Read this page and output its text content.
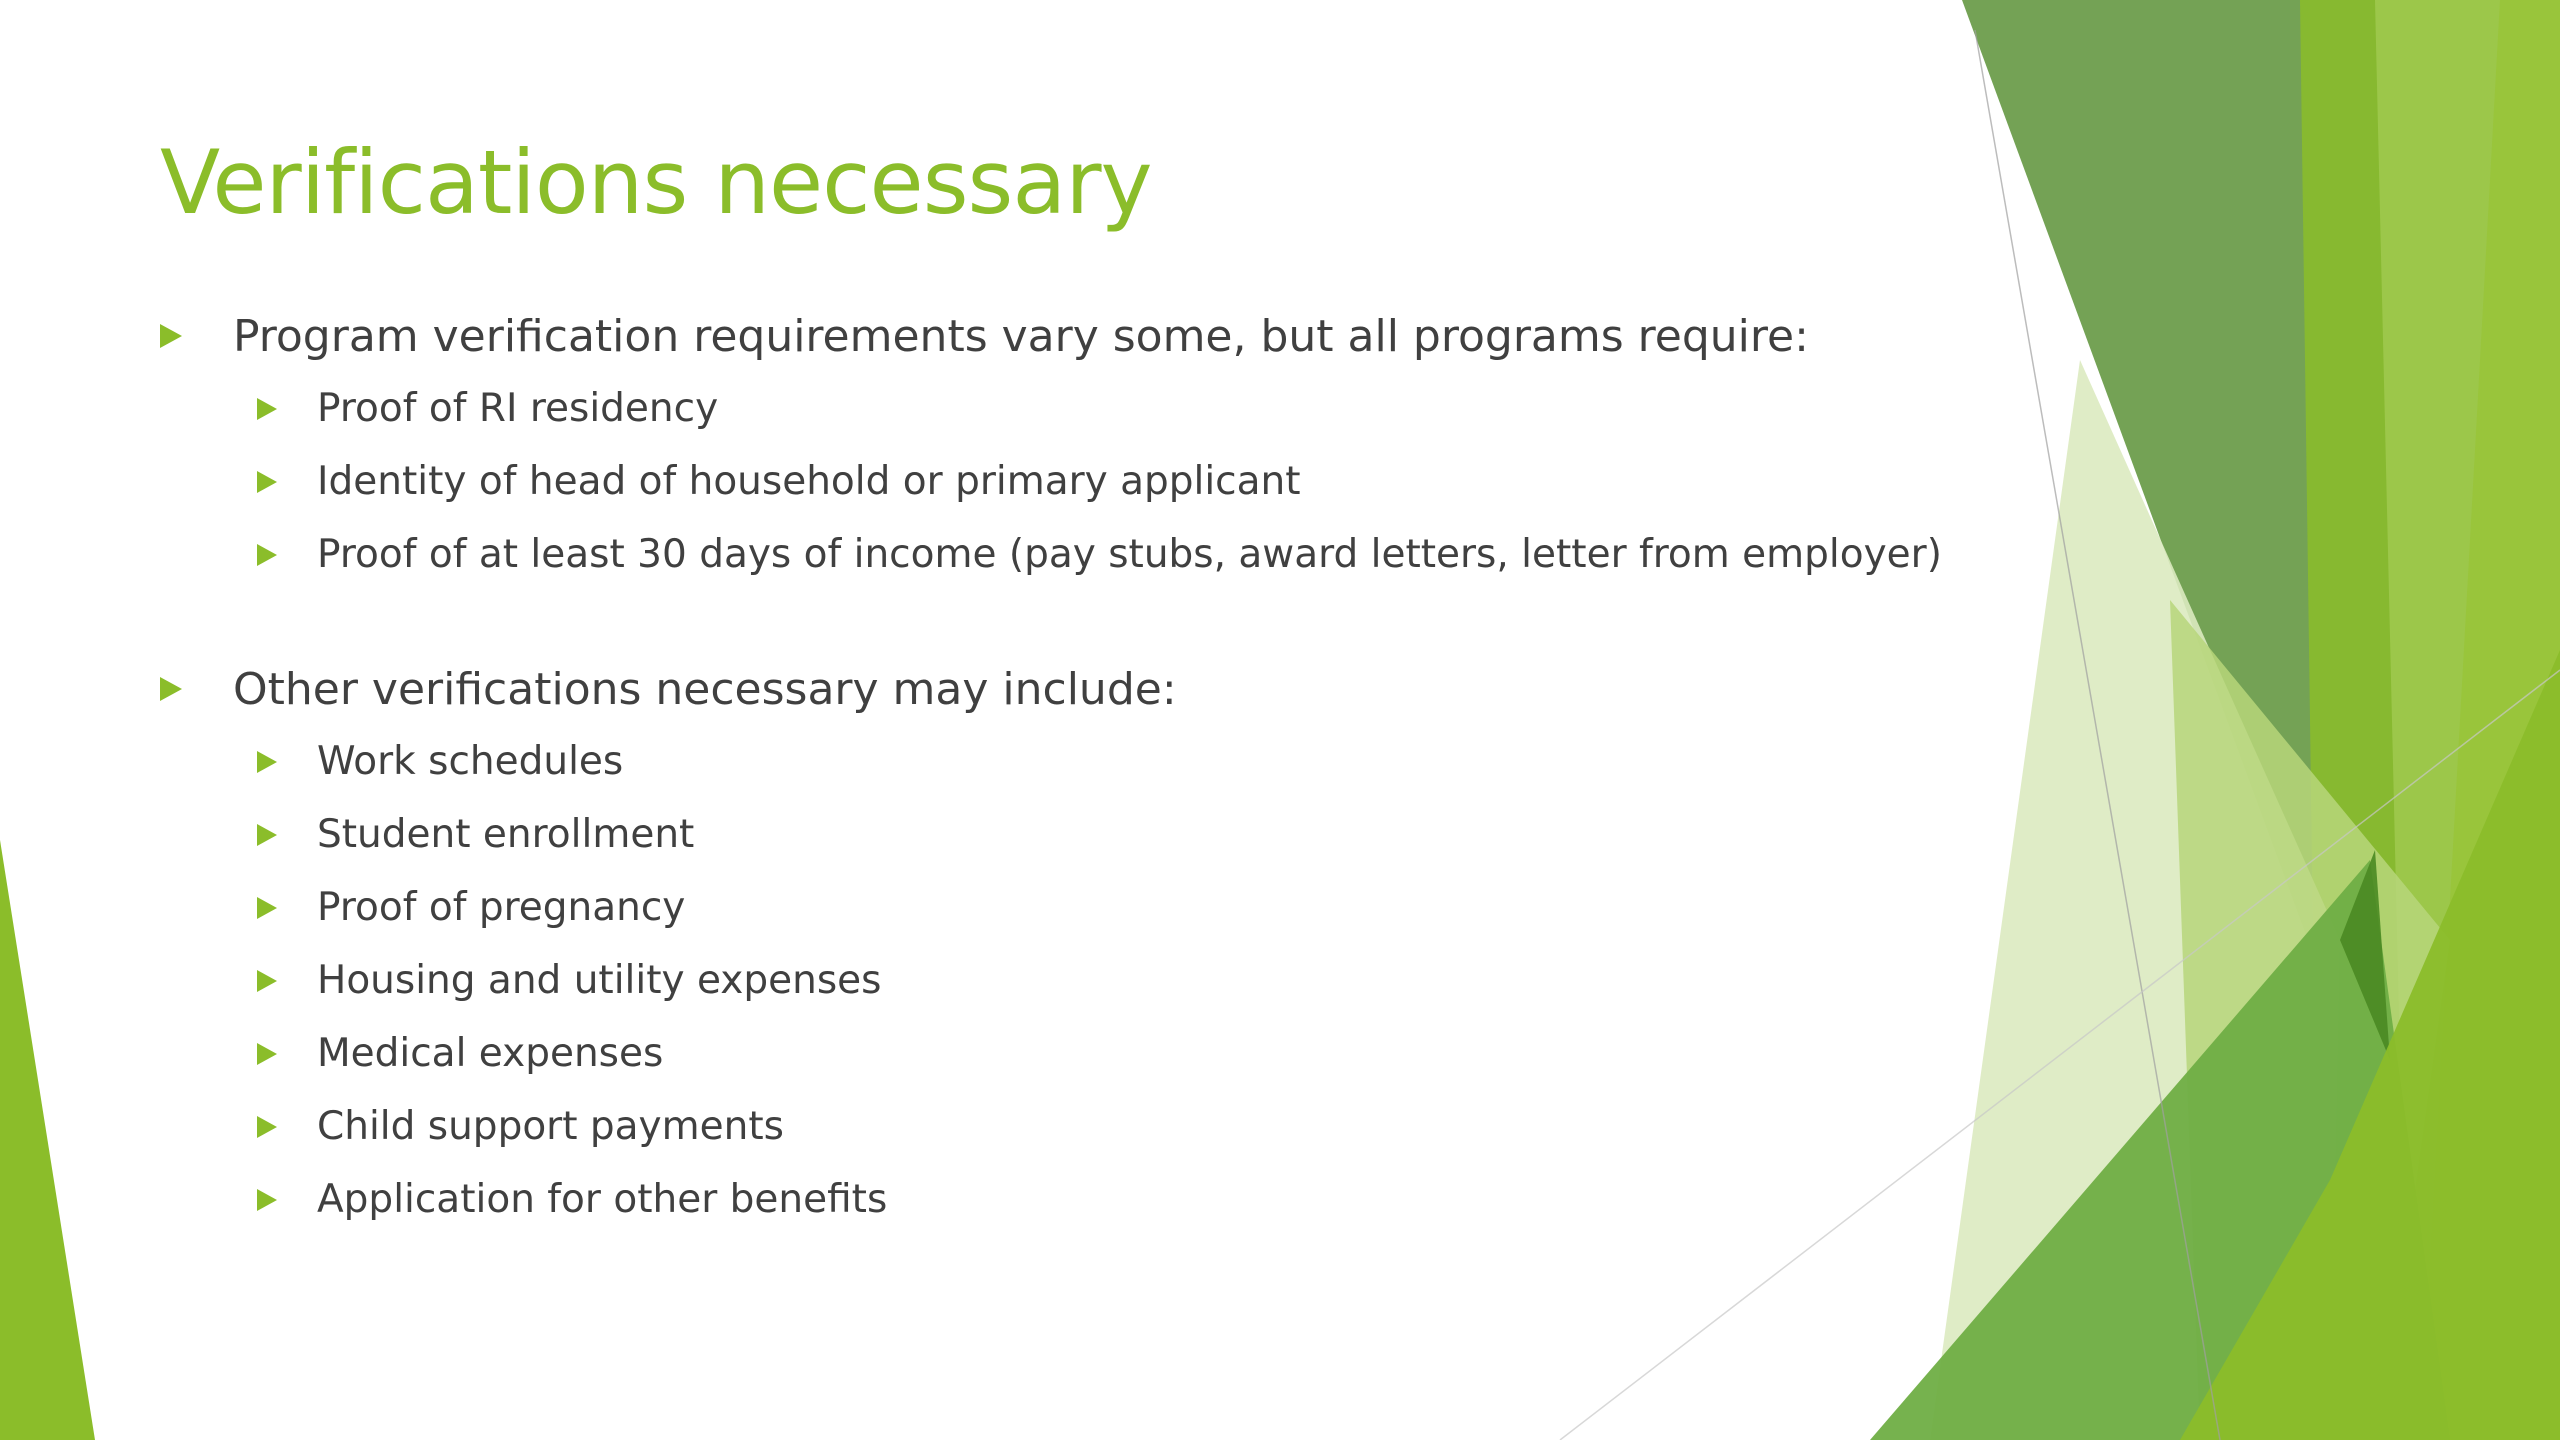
Verifications necessary
Program verification requirements vary some, but all programs require:
Proof of RI residency
Identity of head of household or primary applicant
Proof of at least 30 days of income (pay stubs, award letters, letter from employer)
Other verifications necessary may include:
Work schedules
Student enrollment
Proof of pregnancy
Housing and utility expenses
Medical expenses
Child support payments
Application for other benefits
